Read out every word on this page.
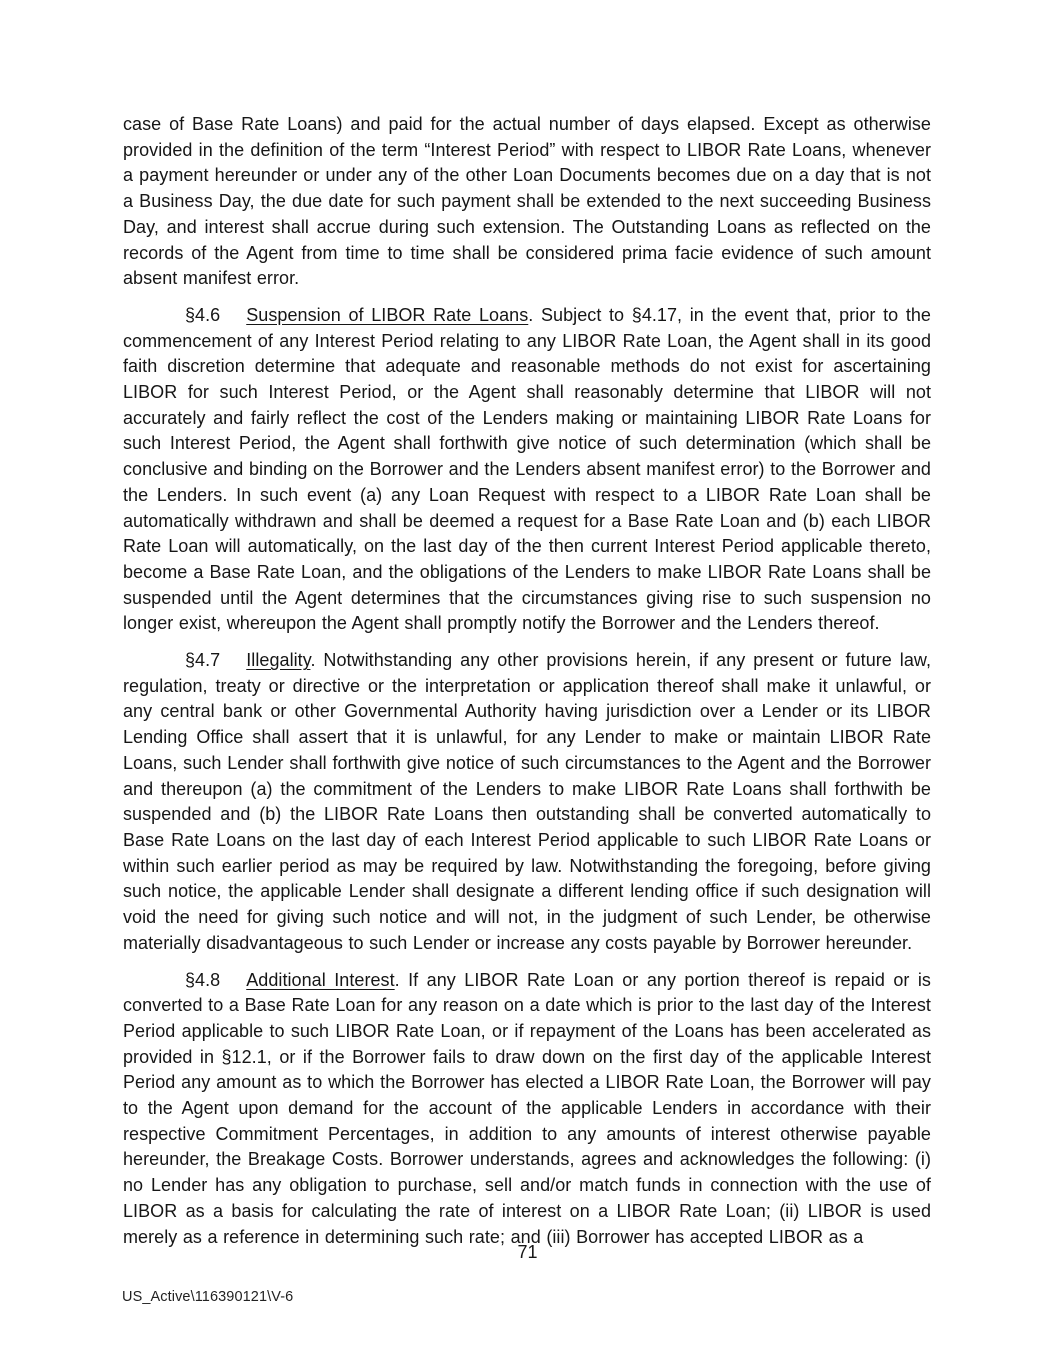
case of Base Rate Loans) and paid for the actual number of days elapsed. Except as otherwise provided in the definition of the term “Interest Period” with respect to LIBOR Rate Loans, whenever a payment hereunder or under any of the other Loan Documents becomes due on a day that is not a Business Day, the due date for such payment shall be extended to the next succeeding Business Day, and interest shall accrue during such extension. The Outstanding Loans as reflected on the records of the Agent from time to time shall be considered prima facie evidence of such amount absent manifest error.

§4.6 Suspension of LIBOR Rate Loans. Subject to §4.17, in the event that, prior to the commencement of any Interest Period relating to any LIBOR Rate Loan, the Agent shall in its good faith discretion determine that adequate and reasonable methods do not exist for ascertaining LIBOR for such Interest Period, or the Agent shall reasonably determine that LIBOR will not accurately and fairly reflect the cost of the Lenders making or maintaining LIBOR Rate Loans for such Interest Period, the Agent shall forthwith give notice of such determination (which shall be conclusive and binding on the Borrower and the Lenders absent manifest error) to the Borrower and the Lenders. In such event (a) any Loan Request with respect to a LIBOR Rate Loan shall be automatically withdrawn and shall be deemed a request for a Base Rate Loan and (b) each LIBOR Rate Loan will automatically, on the last day of the then current Interest Period applicable thereto, become a Base Rate Loan, and the obligations of the Lenders to make LIBOR Rate Loans shall be suspended until the Agent determines that the circumstances giving rise to such suspension no longer exist, whereupon the Agent shall promptly notify the Borrower and the Lenders thereof.

§4.7 Illegality. Notwithstanding any other provisions herein, if any present or future law, regulation, treaty or directive or the interpretation or application thereof shall make it unlawful, or any central bank or other Governmental Authority having jurisdiction over a Lender or its LIBOR Lending Office shall assert that it is unlawful, for any Lender to make or maintain LIBOR Rate Loans, such Lender shall forthwith give notice of such circumstances to the Agent and the Borrower and thereupon (a) the commitment of the Lenders to make LIBOR Rate Loans shall forthwith be suspended and (b) the LIBOR Rate Loans then outstanding shall be converted automatically to Base Rate Loans on the last day of each Interest Period applicable to such LIBOR Rate Loans or within such earlier period as may be required by law. Notwithstanding the foregoing, before giving such notice, the applicable Lender shall designate a different lending office if such designation will void the need for giving such notice and will not, in the judgment of such Lender, be otherwise materially disadvantageous to such Lender or increase any costs payable by Borrower hereunder.

§4.8 Additional Interest. If any LIBOR Rate Loan or any portion thereof is repaid or is converted to a Base Rate Loan for any reason on a date which is prior to the last day of the Interest Period applicable to such LIBOR Rate Loan, or if repayment of the Loans has been accelerated as provided in §12.1, or if the Borrower fails to draw down on the first day of the applicable Interest Period any amount as to which the Borrower has elected a LIBOR Rate Loan, the Borrower will pay to the Agent upon demand for the account of the applicable Lenders in accordance with their respective Commitment Percentages, in addition to any amounts of interest otherwise payable hereunder, the Breakage Costs. Borrower understands, agrees and acknowledges the following: (i) no Lender has any obligation to purchase, sell and/or match funds in connection with the use of LIBOR as a basis for calculating the rate of interest on a LIBOR Rate Loan; (ii) LIBOR is used merely as a reference in determining such rate; and (iii) Borrower has accepted LIBOR as a

71
US_Active\116390121\V-6
